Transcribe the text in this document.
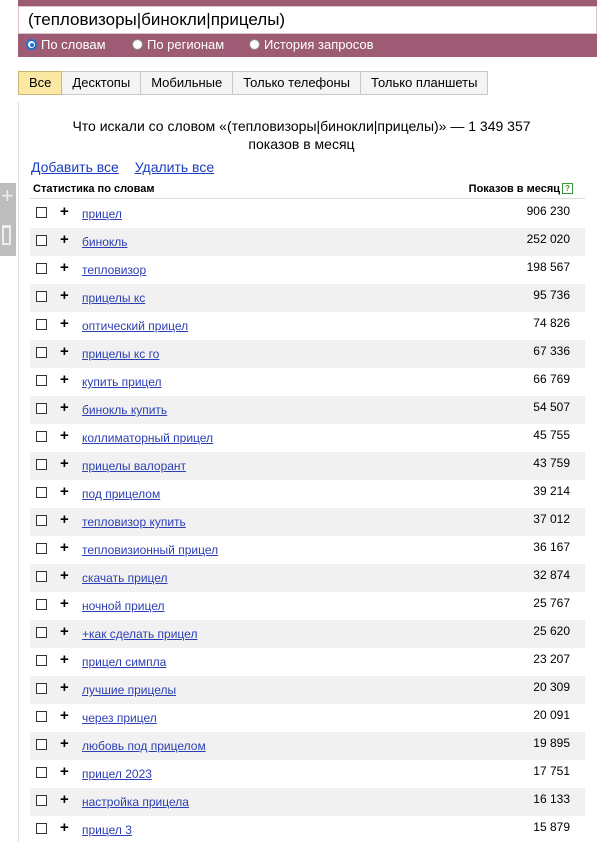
+
(тепловизоры|бинокли|прицелы)
По словам	По регионам	История запросов
Все	Десктопы	Мобильные	Только телефоны	Только планшеты
Что искали со словом «(тепловизоры|бинокли|прицелы)» — 1 349 357
показов в месяц
Добавить все Удалить все
Статистика по словам	Показов в месяц ?
+ прицел	906 230
+ бинокль	252 020
+ тепловизор	198 567
+ прицелы кс	95 736
+ оптический прицел	74 826
+ прицелы кс го	67 336
+ купить прицел	66 769
+ бинокль купить	54 507
+ коллиматорный прицел	45 755
+ прицелы валорант	43 759
+ под прицелом	39 214
+ тепловизор купить	37 012
+ тепловизионный прицел	36 167
+ скачать прицел	32 874
+ ночной прицел	25 767
+ +как сделать прицел	25 620
+ прицел симпла	23 207
+ лучшие прицелы	20 309
+ через прицел	20 091
+ любовь под прицелом	19 895
+ прицел 2023	17 751
+ настройка прицела	16 133
+ прицел 3	15 879
